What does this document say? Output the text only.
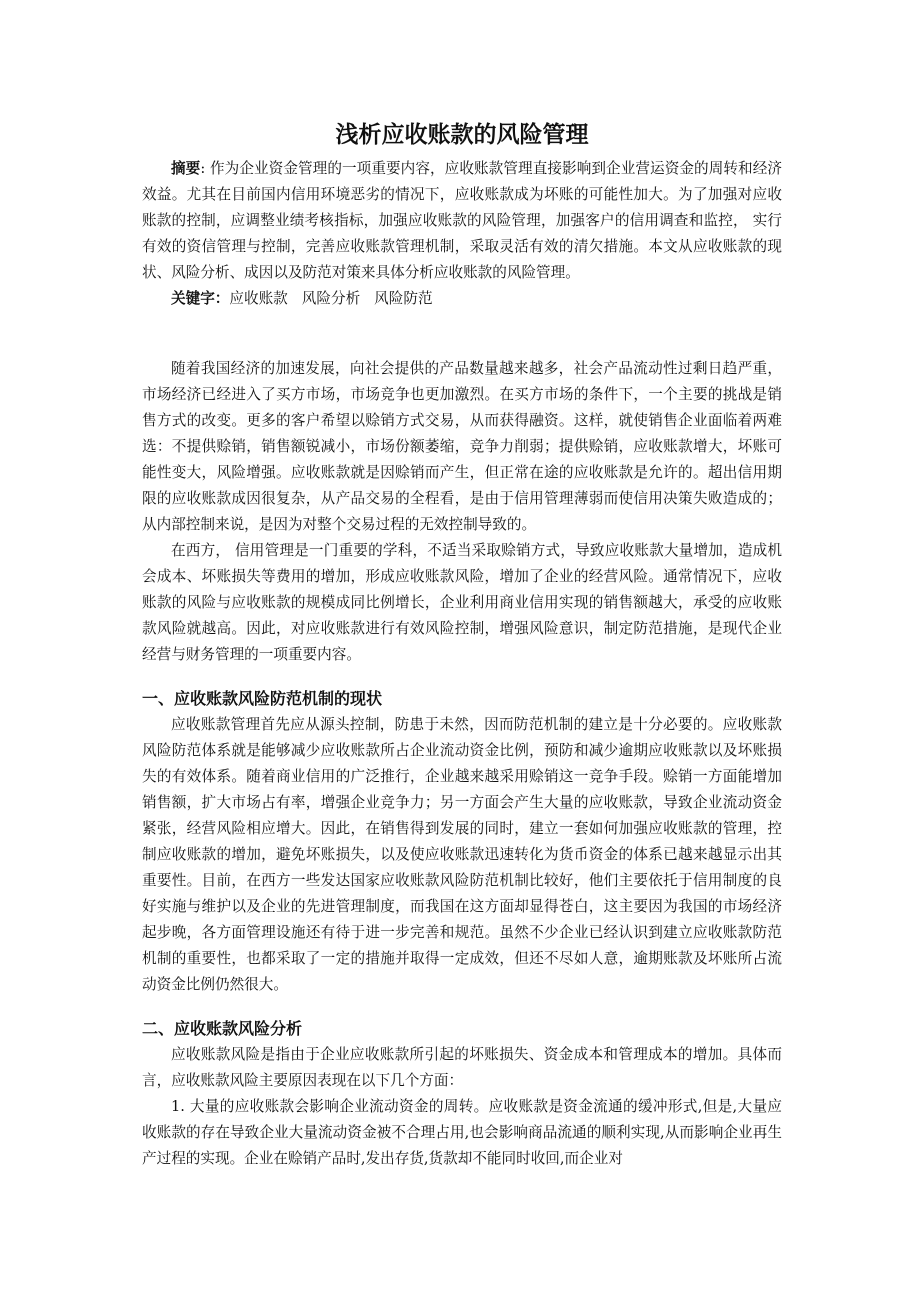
浅析应收账款的风险管理

摘要: 作为企业资金管理的一项重要内容，应收账款管理直接影响到企业营运资金的周转和经济效益。尤其在目前国内信用环境恶劣的情况下，应收账款成为坏账的可能性加大。为了加强对应收账款的控制，应调整业绩考核指标，加强应收账款的风险管理，加强客户的信用调查和监控， 实行有效的资信管理与控制，完善应收账款管理机制，采取灵活有效的清欠措施。本文从应收账款的现状、风险分析、成因以及防范对策来具体分析应收账款的风险管理。

关键字：应收账款 风险分析 风险防范

随着我国经济的加速发展，向社会提供的产品数量越来越多，社会产品流动性过剩日趋严重，市场经济已经进入了买方市场，市场竞争也更加激烈。在买方市场的条件下，一个主要的挑战是销售方式的改变。更多的客户希望以赊销方式交易，从而获得融资。这样，就使销售企业面临着两难选：不提供赊销，销售额锐减小，市场份额萎缩，竞争力削弱；提供赊销，应收账款增大，坏账可能性变大，风险增强。应收账款就是因赊销而产生，但正常在途的应收账款是允许的。超出信用期限的应收账款成因很复杂，从产品交易的全程看，是由于信用管理薄弱而使信用决策失败造成的；从内部控制来说，是因为对整个交易过程的无效控制导致的。

在西方， 信用管理是一门重要的学科，不适当采取赊销方式，导致应收账款大量增加，造成机会成本、坏账损失等费用的增加，形成应收账款风险，增加了企业的经营风险。通常情况下，应收账款的风险与应收账款的规模成同比例增长，企业利用商业信用实现的销售额越大，承受的应收账款风险就越高。因此，对应收账款进行有效风险控制，增强风险意识，制定防范措施，是现代企业经营与财务管理的一项重要内容。

一、应收账款风险防范机制的现状

应收账款管理首先应从源头控制，防患于未然，因而防范机制的建立是十分必要的。应收账款风险防范体系就是能够减少应收账款所占企业流动资金比例，预防和减少逾期应收账款以及坏账损失的有效体系。随着商业信用的广泛推行，企业越来越采用赊销这一竞争手段。赊销一方面能增加销售额，扩大市场占有率，增强企业竞争力；另一方面会产生大量的应收账款，导致企业流动资金紧张，经营风险相应增大。因此，在销售得到发展的同时，建立一套如何加强应收账款的管理，控制应收账款的增加，避免坏账损失，以及使应收账款迅速转化为货币资金的体系已越来越显示出其重要性。目前，在西方一些发达国家应收账款风险防范机制比较好，他们主要依托于信用制度的良好实施与维护以及企业的先进管理制度，而我国在这方面却显得苍白，这主要因为我国的市场经济起步晚，各方面管理设施还有待于进一步完善和规范。虽然不少企业已经认识到建立应收账款防范机制的重要性，也都采取了一定的措施并取得一定成效，但还不尽如人意，逾期账款及坏账所占流动资金比例仍然很大。

二、应收账款风险分析

应收账款风险是指由于企业应收账款所引起的坏账损失、资金成本和管理成本的增加。具体而言，应收账款风险主要原因表现在以下几个方面：

1. 大量的应收账款会影响企业流动资金的周转。应收账款是资金流通的缓冲形式,但是,大量应收账款的存在导致企业大量流动资金被不合理占用,也会影响商品流通的顺利实现,从而影响企业再生产过程的实现。企业在赊销产品时,发出存货,货款却不能同时收回,而企业对
